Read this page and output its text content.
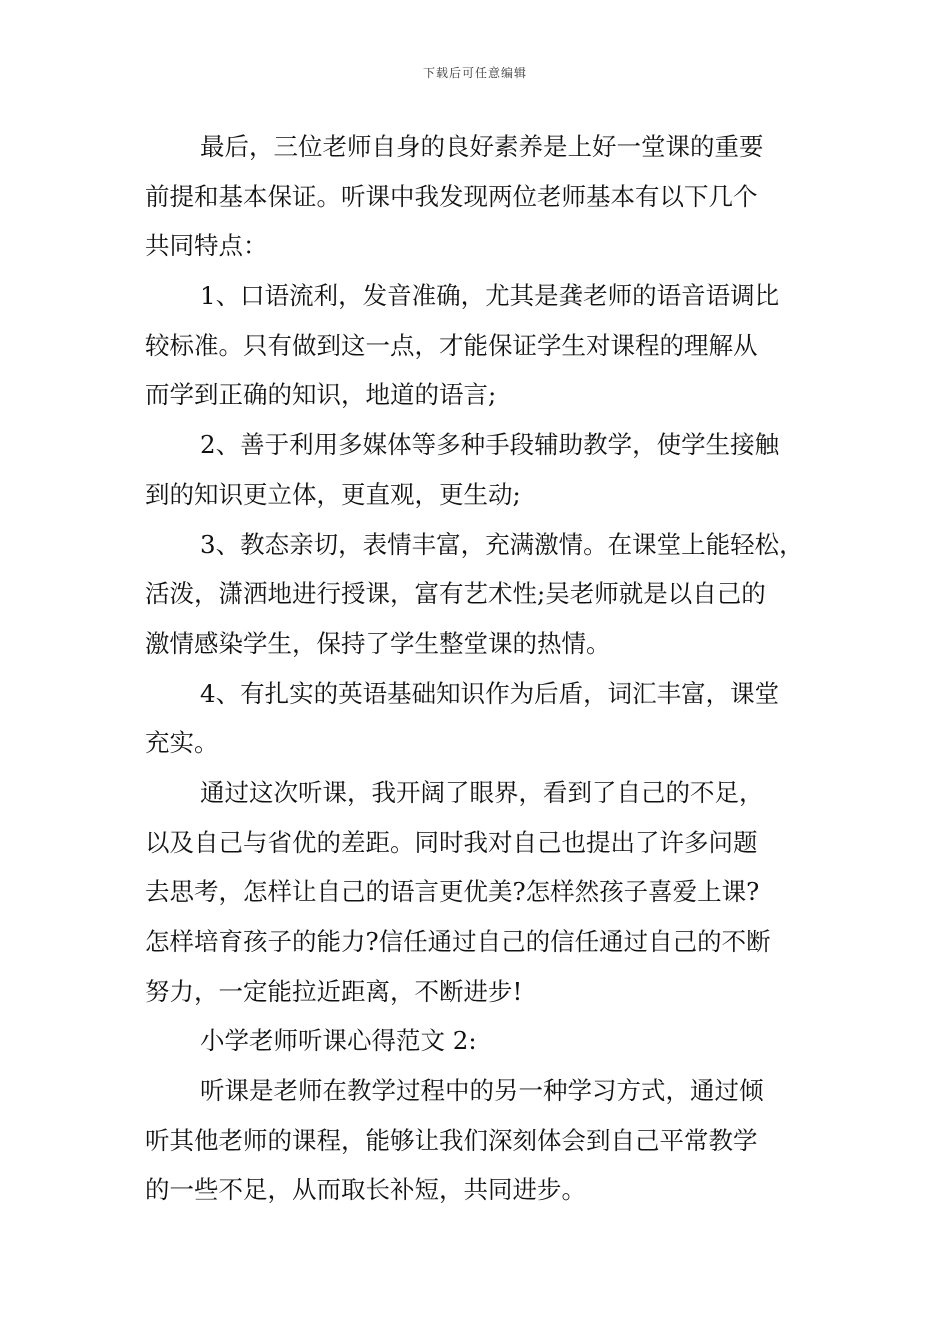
下载后可任意编辑
最后，三位老师自身的良好素养是上好一堂课的重要
前提和基本保证。听课中我发现两位老师基本有以下几个
共同特点：
1、口语流利，发音准确，尤其是龚老师的语音语调比
较标准。只有做到这一点，才能保证学生对课程的理解从
而学到正确的知识，地道的语言;
2、善于利用多媒体等多种手段辅助教学，使学生接触
到的知识更立体，更直观，更生动;
3、教态亲切，表情丰富，充满激情。在课堂上能轻松，
活泼，潇洒地进行授课，富有艺术性;吴老师就是以自己的
激情感染学生，保持了学生整堂课的热情。
4、有扎实的英语基础知识作为后盾，词汇丰富，课堂
充实。
通过这次听课，我开阔了眼界，看到了自己的不足，
以及自己与省优的差距。同时我对自己也提出了许多问题
去思考，怎样让自己的语言更优美?怎样然孩子喜爱上课?
怎样培育孩子的能力?信任通过自己的信任通过自己的不断
努力，一定能拉近距离，不断进步!
小学老师听课心得范文 2:
听课是老师在教学过程中的另一种学习方式，通过倾
听其他老师的课程，能够让我们深刻体会到自己平常教学
的一些不足，从而取长补短，共同进步。
